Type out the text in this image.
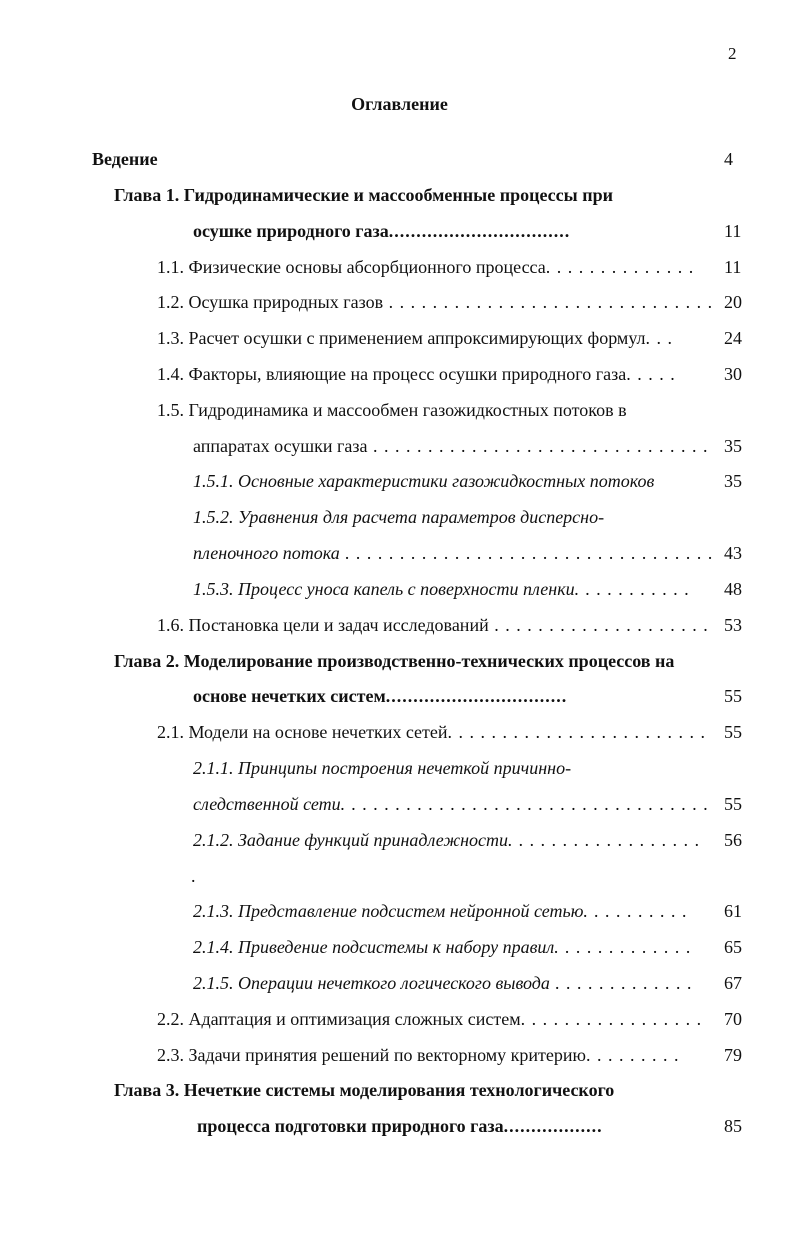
2
Оглавление
Ведение	4
Глава 1. Гидродинамические и массообменные процессы при
осушке природного газа.................................	11
1.1. Физические основы абсорбционного процесса. . . . . . . . . . . . . . 11
1.2. Осушка природных газов . . . . . . . . . . . . . . . . . . . . . . . . . . . . . . 20
1.3. Расчет осушки с применением аппроксимирующих формул. . .	24
1.4. Факторы, влияющие на процесс осушки природного газа. . . . .	30
1.5. Гидродинамика и массообмен газожидкостных потоков в
аппаратах осушки газа . . . . . . . . . . . . . . . . . . . . . . . . . . . . . . . 35
1.5.1. Основные характеристики газожидкостных потоков	35
1.5.2. Уравнения для расчета параметров дисперсно-
пленочного потока . . . . . . . . . . . . . . . . . . . . . . . . . . . . . . . . . . 43
1.5.3. Процесс уноса капель с поверхности пленки. . . . . . . . . . . 48
1.6. Постановка цели и задач исследований . . . . . . . . . . . . . . . . . . . . 53
Глава 2. Моделирование производственно-технических процессов на
основе нечетких систем.................................	55
2.1. Модели на основе нечетких сетей. . . . . . . . . . . . . . . . . . . . . . . . 55
2.1.1. Принципы построения нечеткой причинно-
следственной сети. . . . . . . . . . . . . . . . . . . . . . . . . . . . . . . . . . 55
2.1.2. Задание функций принадлежности. . . . . . . . . . . . . . . . . . 56
.
2.1.3. Представление подсистем нейронной сетью. . . . . . . . . . 61
2.1.4. Приведение подсистемы к набору правил. . . . . . . . . . . . . 65
2.1.5. Операции нечеткого логического вывода . . . . . . . . . . . . . 67
2.2. Адаптация и оптимизация сложных систем. . . . . . . . . . . . . . . . . 70
2.3. Задачи принятия решений по векторному критерию. . . . . . . . . 79
Глава 3. Нечеткие системы моделирования технологического
процесса подготовки природного газа..................	85
